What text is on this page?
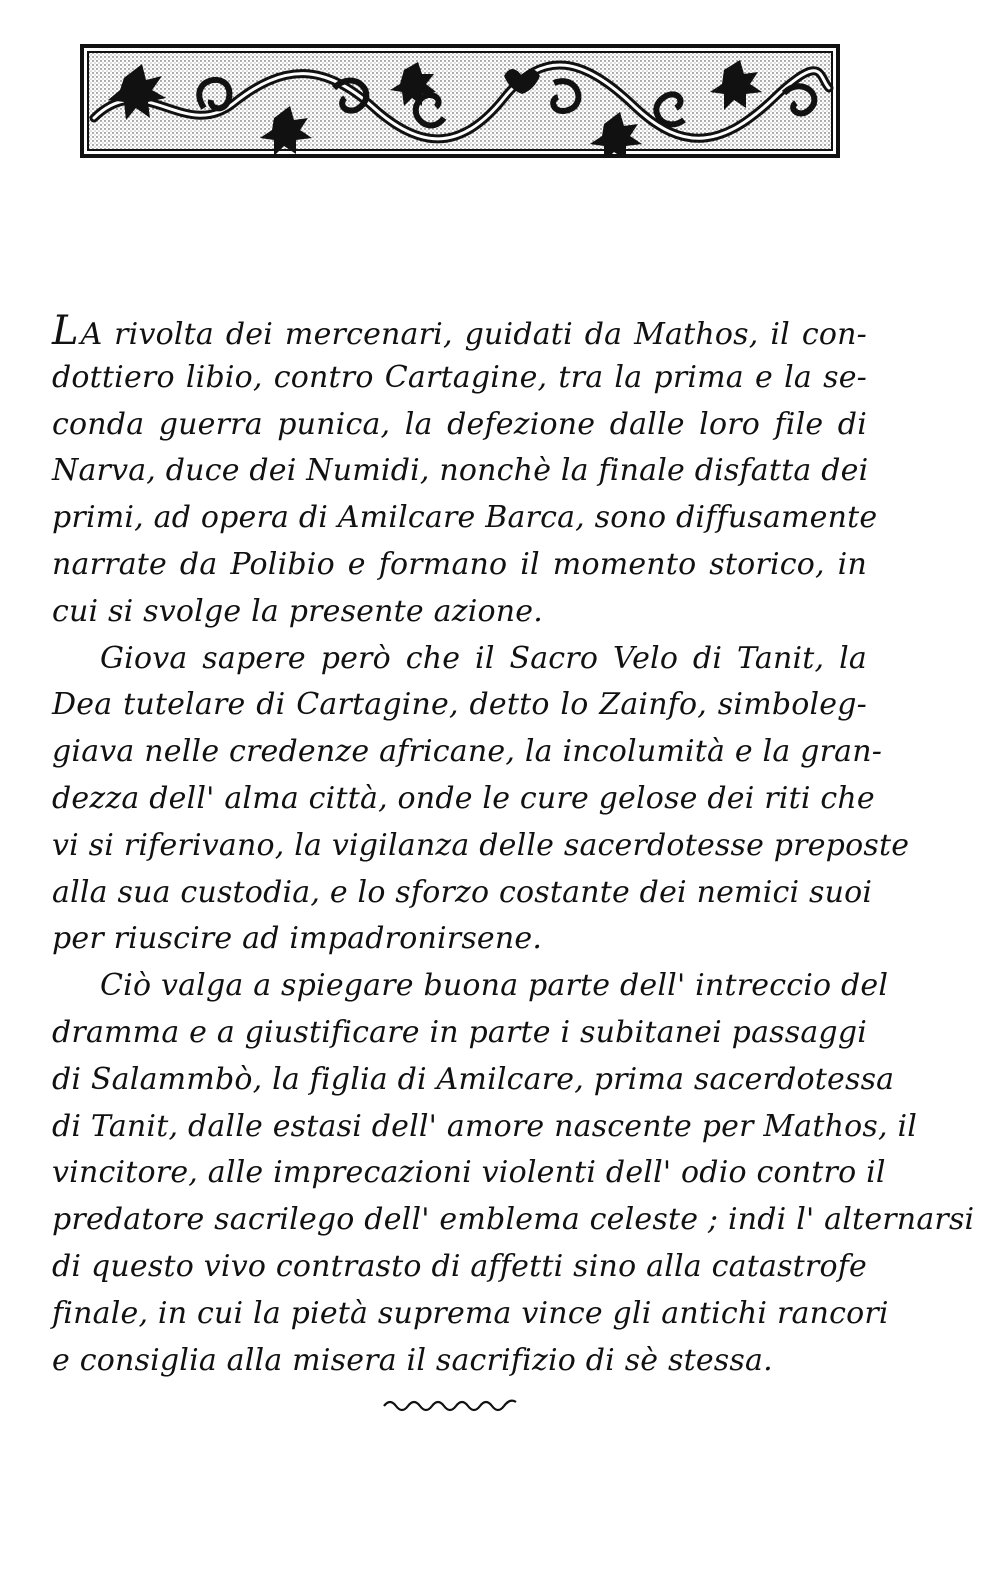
LA rivolta dei mercenari, guidati da Mathos, il con-
dottiero libio, contro Cartagine, tra la prima e la se-
conda guerra punica, la defezione dalle loro file di
Narva, duce dei Numidi, nonchè la finale disfatta dei
primi, ad opera di Amilcare Barca, sono diffusamente
narrate da Polibio e formano il momento storico, in
cui si svolge la presente azione.
Giova sapere però che il Sacro Velo di Tanit, la
Dea tutelare di Cartagine, detto lo Zainfo, simboleg-
giava nelle credenze africane, la incolumità e la gran-
dezza dell' alma città, onde le cure gelose dei riti che
vi si riferivano, la vigilanza delle sacerdotesse preposte
alla sua custodia, e lo sforzo costante dei nemici suoi
per riuscire ad impadronirsene.
Ciò valga a spiegare buona parte dell' intreccio del
dramma e a giustificare in parte i subitanei passaggi
di Salammbò, la figlia di Amilcare, prima sacerdotessa
di Tanit, dalle estasi dell' amore nascente per Mathos, il
vincitore, alle imprecazioni violenti dell' odio contro il
predatore sacrilego dell' emblema celeste ; indi l' alternarsi
di questo vivo contrasto di affetti sino alla catastrofe
finale, in cui la pietà suprema vince gli antichi rancori
e consiglia alla misera il sacrifizio di sè stessa.
